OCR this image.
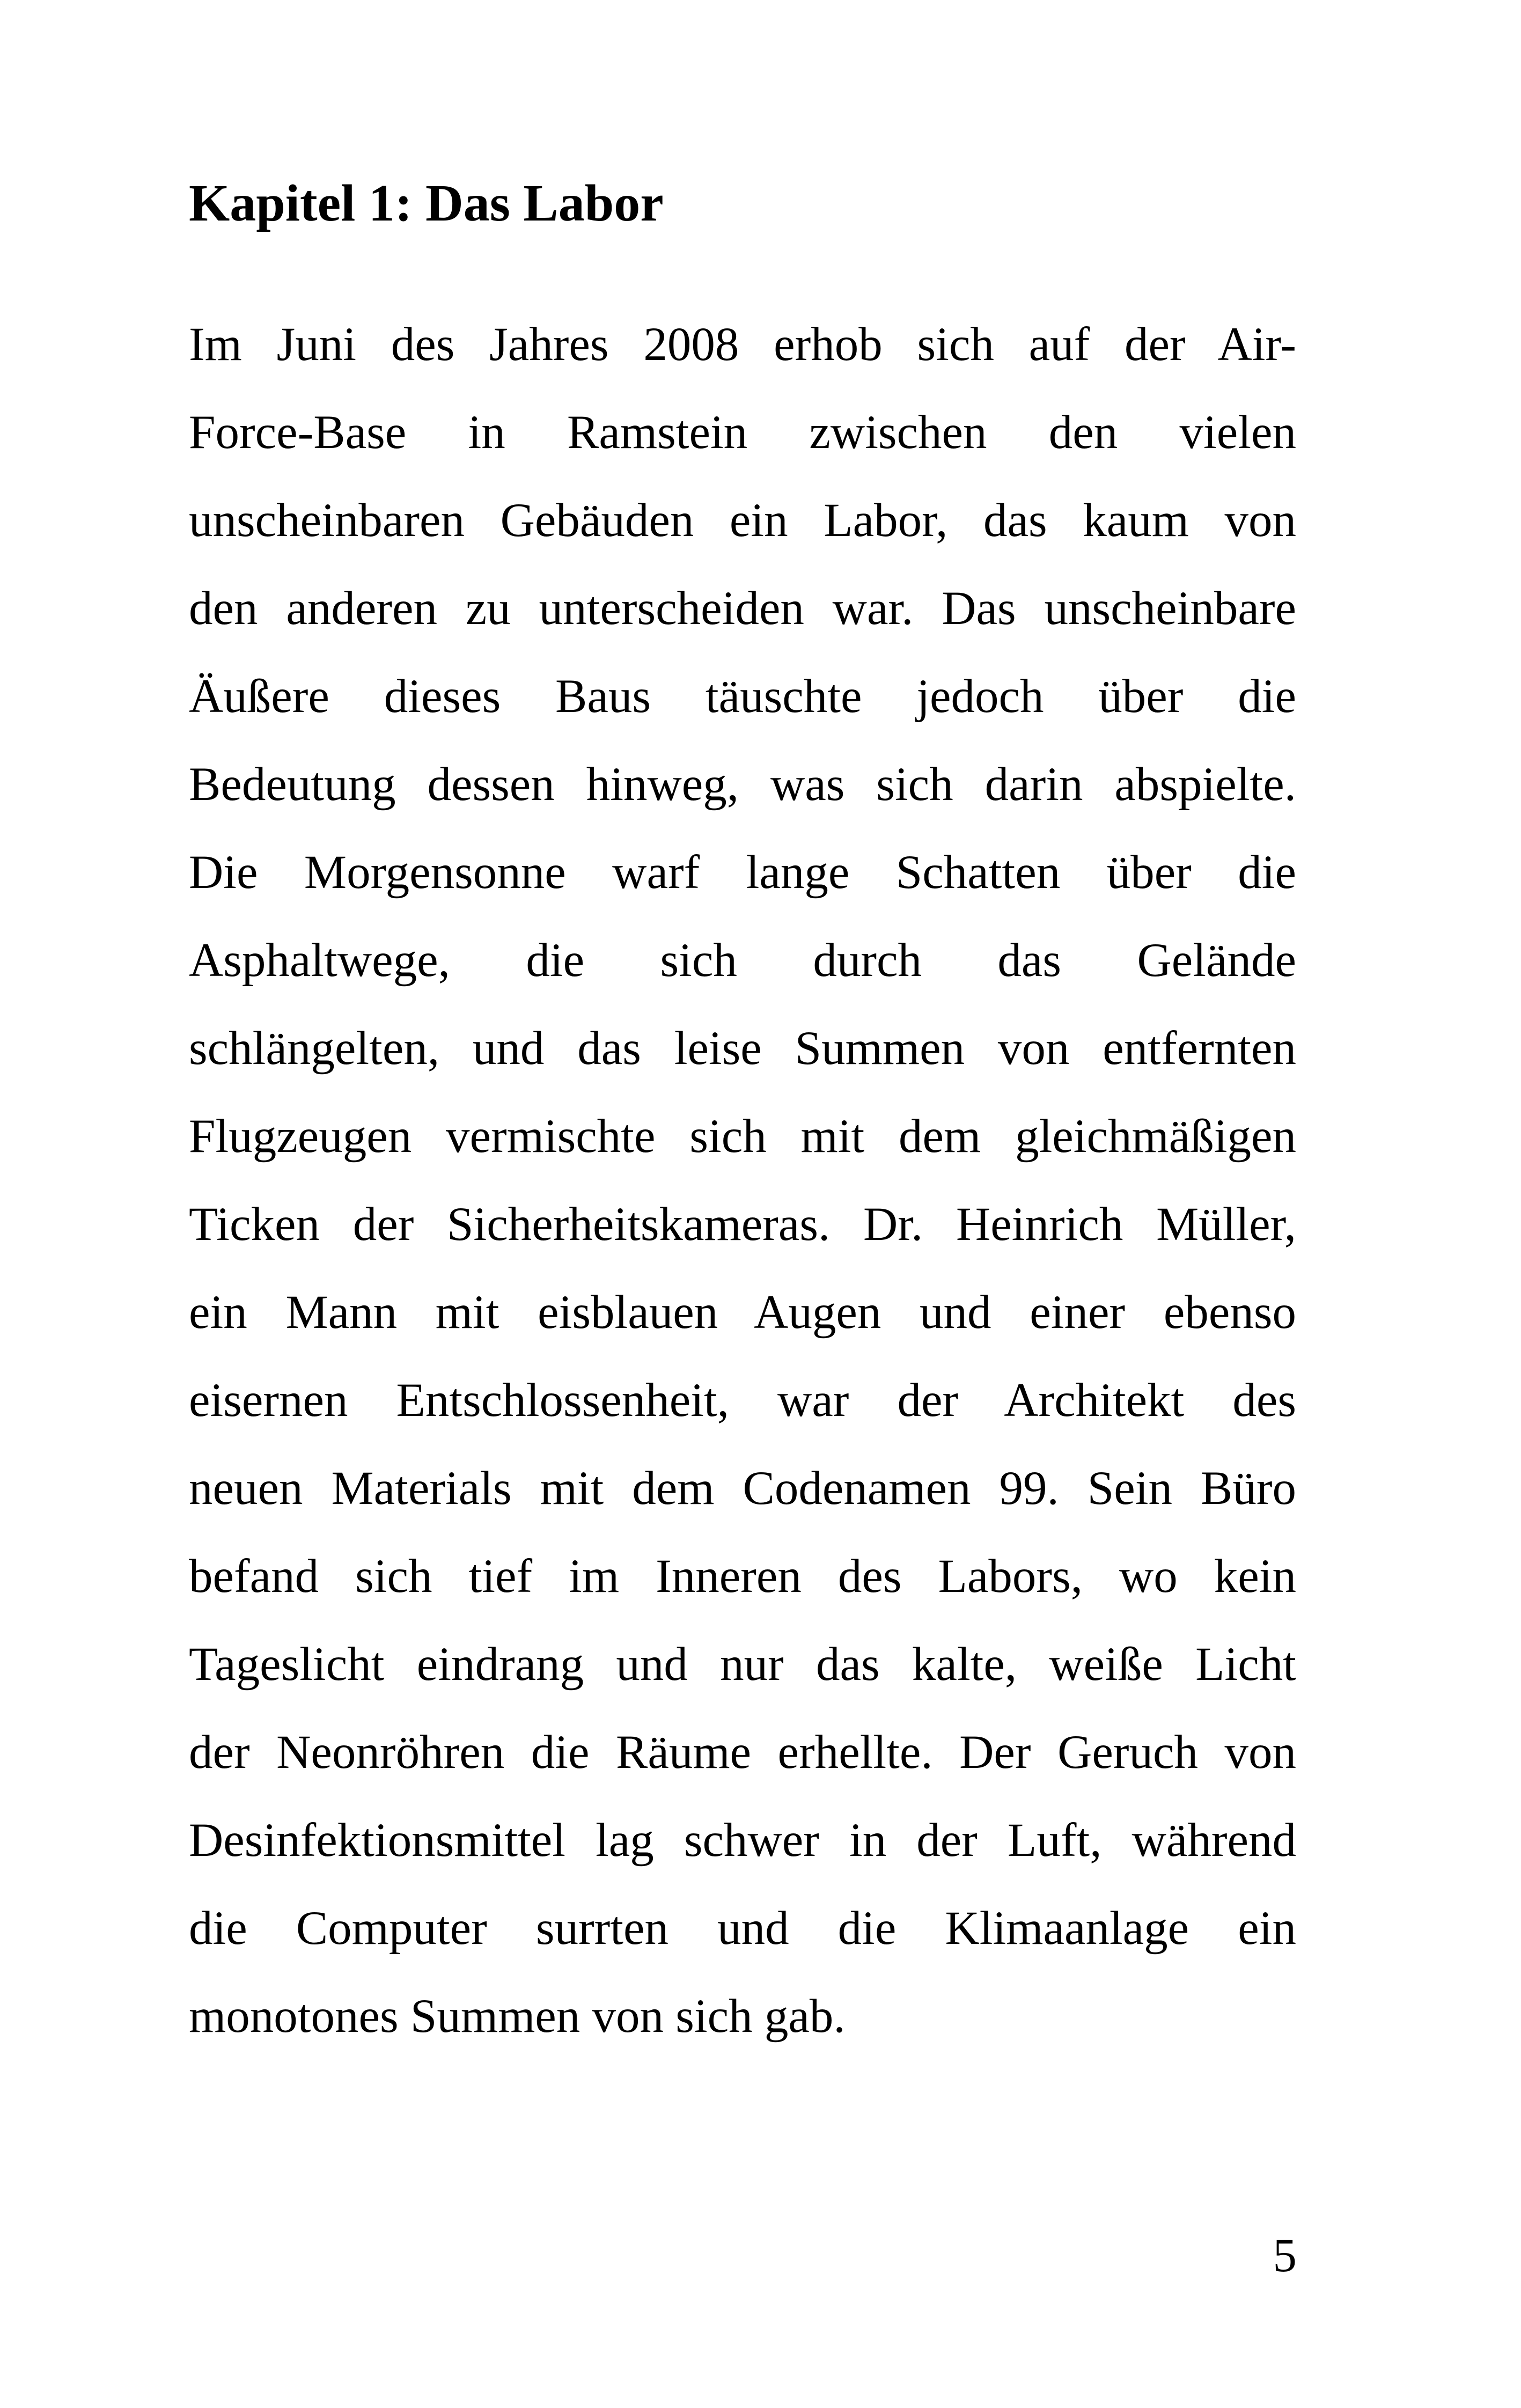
Kapitel 1: Das Labor
Im Juni des Jahres 2008 erhob sich auf der Air-
Force-Base in Ramstein zwischen den vielen
unscheinbaren Gebäuden ein Labor, das kaum von
den anderen zu unterscheiden war. Das unscheinbare
Äußere dieses Baus täuschte jedoch über die
Bedeutung dessen hinweg, was sich darin abspielte.
Die Morgensonne warf lange Schatten über die
Asphaltwege, die sich durch das Gelände
schlängelten, und das leise Summen von entfernten
Flugzeugen vermischte sich mit dem gleichmäßigen
Ticken der Sicherheitskameras. Dr. Heinrich Müller,
ein Mann mit eisblauen Augen und einer ebenso
eisernen Entschlossenheit, war der Architekt des
neuen Materials mit dem Codenamen 99. Sein Büro
befand sich tief im Inneren des Labors, wo kein
Tageslicht eindrang und nur das kalte, weiße Licht
der Neonröhren die Räume erhellte. Der Geruch von
Desinfektionsmittel lag schwer in der Luft, während
die Computer surrten und die Klimaanlage ein
monotones Summen von sich gab.

5
